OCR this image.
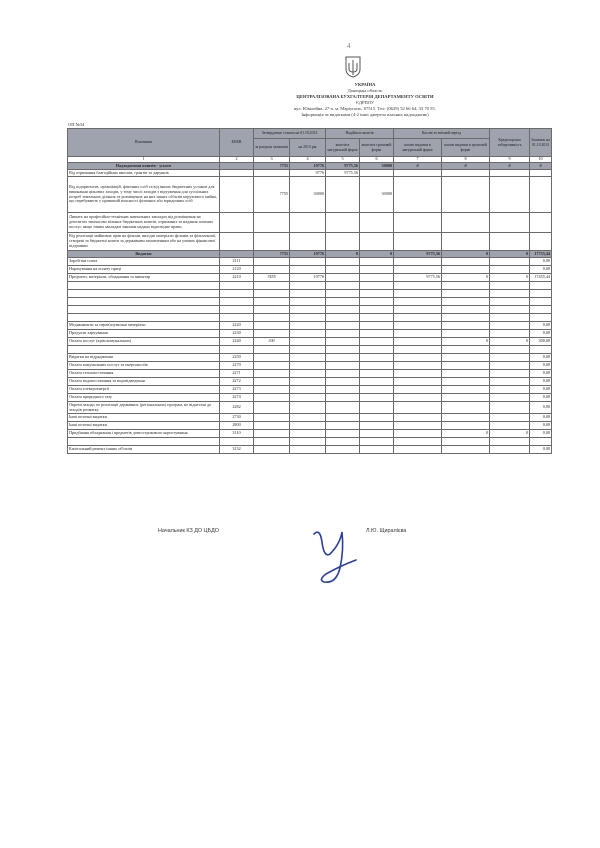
4
УКРАЇНА
Донецька область
ЦЕНТРАЛІЗОВАНА БУХГАЛТЕРІЯ ДЕПАРТАМЕНТУ ОСВІТИ
ЄДРПОУ
вул. Ювілейна, 27-а, м. Маріуполь, 87515. Тел: (0629) 52 66 64, 33 70 55.
Інформація за видатками (4-2 інші джерела власних надходжень)
ОП №34
Показники	КЕКВ	Затверджено станом на 01.10.2013		Надійшло коштів		Касові за звітний період		Кредиторська заборгованість	Залишок на 01.10.2013
		за рахунок залишків	на 2013 рік	коштів в натуральній формі	коштів в грошовій формі	касові видатки в натуральній формі	касові видатки в грошовій формі		
1	2	3	4	5	6	7	8	9	10
Надходження коштів - усього		7755	19776	9775,56	30000	0	0	0	0
Від отримання благодійних внесків, грантів та дарунків			9776	9775,56					
Від підприємств, організацій, фізичних осіб та від інших бюджетних установ для виконання цільових заходів, у тому числі заходів з відчуження для суспільних потреб земельних ділянок та розміщених на них інших об'єктів нерухомого майна, що перебувають у приватній власності фізичних або юридичних осіб		7755	30000		30000				
Лишать на професійно-технічних навчальних закладах від розміщення на депозитах тимчасово вільних бюджетних коштів, отриманих за надання платних послуг, якщо таким закладам законом надано відповідне право;									
Від реалізації майнових прав на фільми, вихідні матеріали фільмів та фільмокопії, створені за бюджетні кошти за державним замовленням або на умовах фінансової підтримки									
Видатки		7755	19776	0	0	9775,56	0	0	17755,44
Заробітна плата	2111								0,00
Нарахування на оплату праці	2120								0,00
Предмети, матеріали, обладнання та інвентар	2210	7455	19776			9775,56	0	0	17455,44

Медикаменти та перев'язувальні матеріали	2220								0,00
Продукти харчування	2230								0,00
Оплата послуг (крім комунальних)	2240	300					0	0	300,00

Видатки на відрядження	2250								0,00
Оплата комунальних послуг та енергоносіїв	2270								0,00
Оплата теплопостачання	2271								0,00
Оплата водопостачання та водовідведення	2272								0,00
Оплата електроенергії	2273								0,00
Оплата природного газу	2274								0,00
Окремі заходи по реалізації державних (регіональних) програм, не віднесені до заходів розвитку	2282								0,00
Інші поточні видатки	2730								0,00
Інші поточні видатки	2800								0,00
Придбання обладнання і предметів довгострокового користування	3110						0	0	0,00

Капітальний ремонт інших об'єктів	3132								0,00
Начальник КЗ ДО ЦБДО	Л.Ю. Щиралієва
